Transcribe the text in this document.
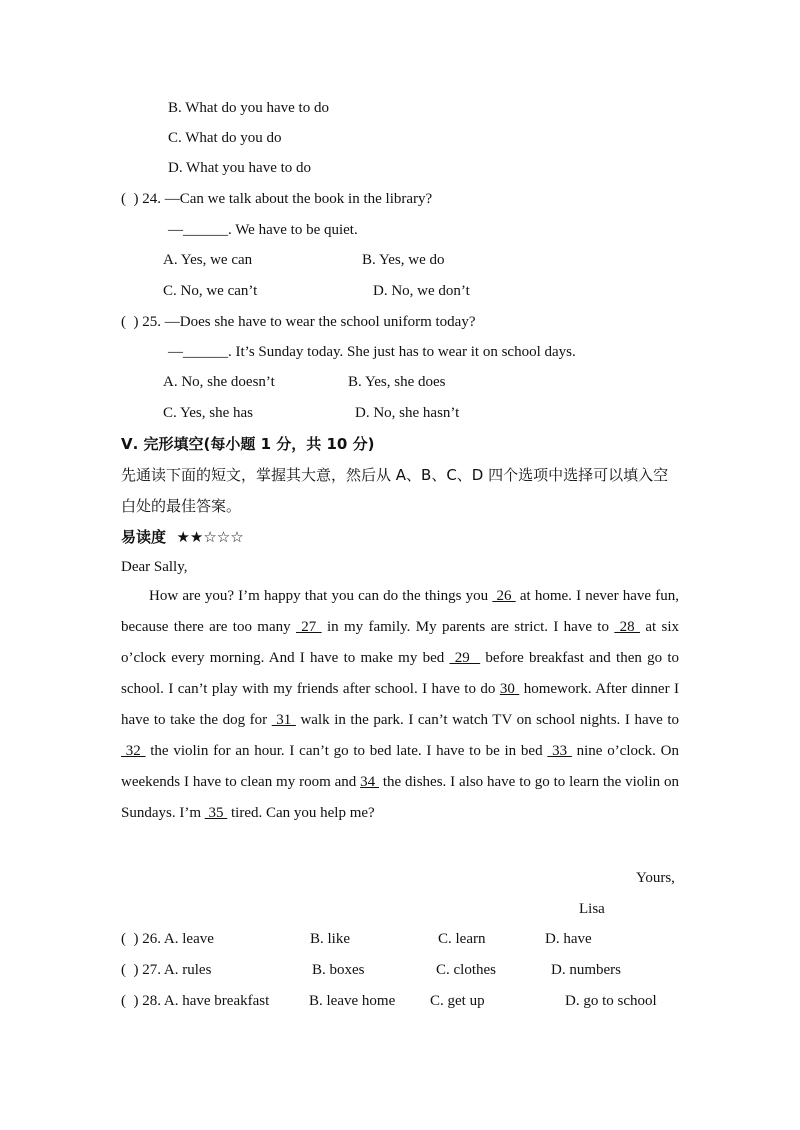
B. What do you have to do
C. What do you do
D. What you have to do
(  ) 24. —Can we talk about the book in the library?
—______. We have to be quiet.
A. Yes, we can	B. Yes, we do
C. No, we can’t	D. No, we don’t
(  ) 25. —Does she have to wear the school uniform today?
—______. It’s Sunday today. She just has to wear it on school days.
A. No, she doesn’t	B. Yes, she does
C. Yes, she has	D. No, she hasn’t
Ⅴ. 完形填空(每小题 1 分，共 10 分)
先通读下面的短文，掌握其大意，然后从 A、B、C、D 四个选项中选择可以填入空
白处的最佳答案。
易读度  ★★☆☆☆
Dear Sally,
How are you? I’m happy that you can do the things you  26  at home. I never have fun, because there are too many  27  in my family. My parents are strict. I have to  28  at six o’clock every morning. And I have to make my bed  29   before breakfast and then go to school. I can’t play with my friends after school. I have to do 30  homework. After dinner I have to take the dog for  31  walk in the park. I can’t watch TV on school nights. I have to  32  the violin for an hour. I can’t go to bed late. I have to be in bed  33  nine o’clock. On weekends I have to clean my room and 34  the dishes. I also have to go to learn the violin on Sundays. I’m  35  tired. Can you help me?
Yours,
Lisa
(  ) 26. A. leave	B. like	C. learn	D. have
(  ) 27. A. rules	B. boxes	C. clothes	D. numbers
(  ) 28. A. have breakfast	B. leave home C. get up	D. go to school
